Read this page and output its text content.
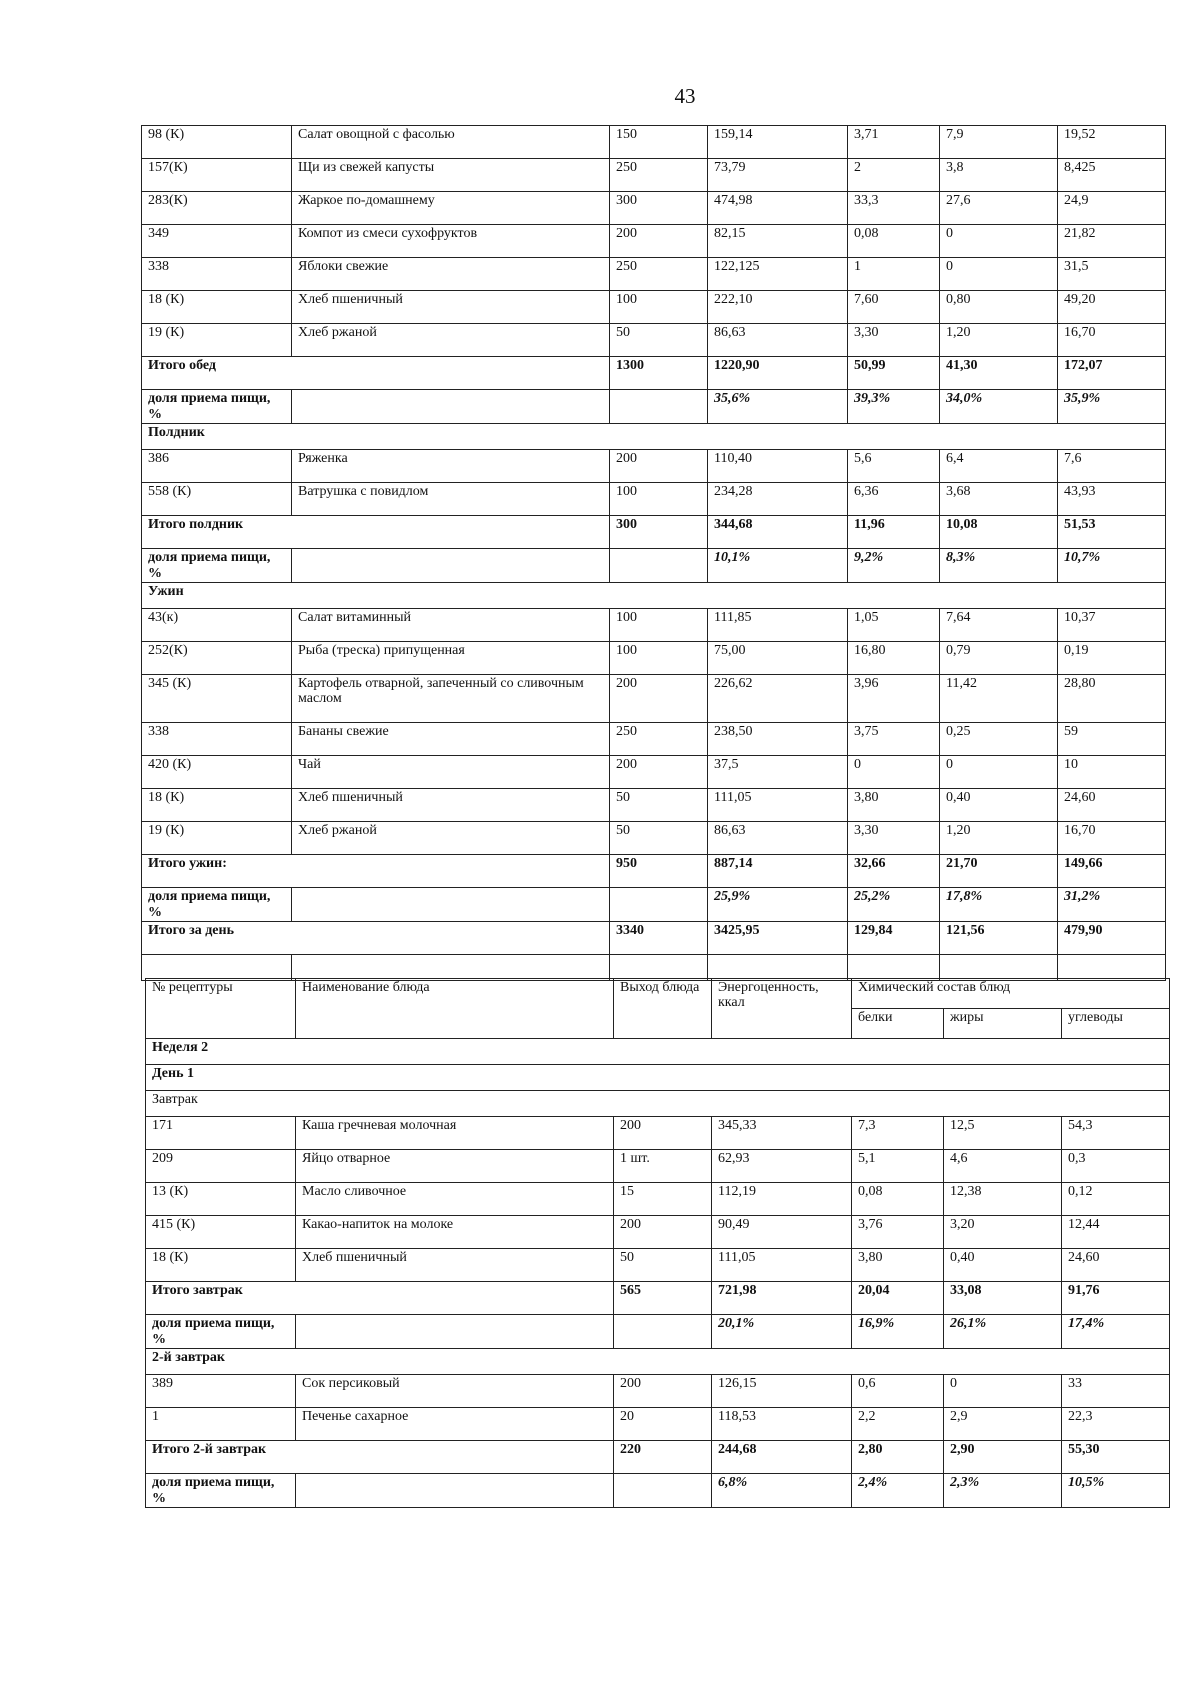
43
98 (К)	Салат овощной с фасолью	150	159,14	3,71	7,9	19,52
157(К)	Щи из свежей капусты	250	73,79	2	3,8	8,425
283(К)	Жаркое по-домашнему	300	474,98	33,3	27,6	24,9
349	Компот из смеси сухофруктов	200	82,15	0,08	0	21,82
338	Яблоки свежие	250	122,125	1	0	31,5
18 (К)	Хлеб пшеничный	100	222,10	7,60	0,80	49,20
19 (К)	Хлеб ржаной	50	86,63	3,30	1,20	16,70
Итого обед		1300	1220,90	50,99	41,30	172,07
доля приема пищи, %			35,6%	39,3%	34,0%	35,9%
Полдник						
386	Ряженка	200	110,40	5,6	6,4	7,6
558 (К)	Ватрушка с повидлом	100	234,28	6,36	3,68	43,93
Итого полдник		300	344,68	11,96	10,08	51,53
доля приема пищи, %			10,1%	9,2%	8,3%	10,7%
Ужин						
43(к)	Салат витаминный	100	111,85	1,05	7,64	10,37
252(К)	Рыба (треска) припущенная	100	75,00	16,80	0,79	0,19
345 (К)	Картофель отварной, запеченный со сливочным маслом	200	226,62	3,96	11,42	28,80
338	Бананы свежие	250	238,50	3,75	0,25	59
420 (К)	Чай	200	37,5	0	0	10
18 (К)	Хлеб пшеничный	50	111,05	3,80	0,40	24,60
19 (К)	Хлеб ржаной	50	86,63	3,30	1,20	16,70
Итого ужин:		950	887,14	32,66	21,70	149,66
доля приема пищи, %			25,9%	25,2%	17,8%	31,2%
Итого за день		3340	3425,95	129,84	121,56	479,90

№ рецептуры	Наименование блюда	Выход блюда	Энергоценность, ккал	Химический состав блюд		
				белки	жиры	углеводы
Неделя 2						
День 1						
Завтрак						
171	Каша гречневая молочная	200	345,33	7,3	12,5	54,3
209	Яйцо отварное	1 шт.	62,93	5,1	4,6	0,3
13 (К)	Масло сливочное	15	112,19	0,08	12,38	0,12
415 (К)	Какао-напиток на молоке	200	90,49	3,76	3,20	12,44
18 (К)	Хлеб пшеничный	50	111,05	3,80	0,40	24,60
Итого завтрак		565	721,98	20,04	33,08	91,76
доля приема пищи, %			20,1%	16,9%	26,1%	17,4%
2-й завтрак						
389	Сок персиковый	200	126,15	0,6	0	33
1	Печенье сахарное	20	118,53	2,2	2,9	22,3
Итого 2-й завтрак		220	244,68	2,80	2,90	55,30
доля приема пищи, %			6,8%	2,4%	2,3%	10,5%
